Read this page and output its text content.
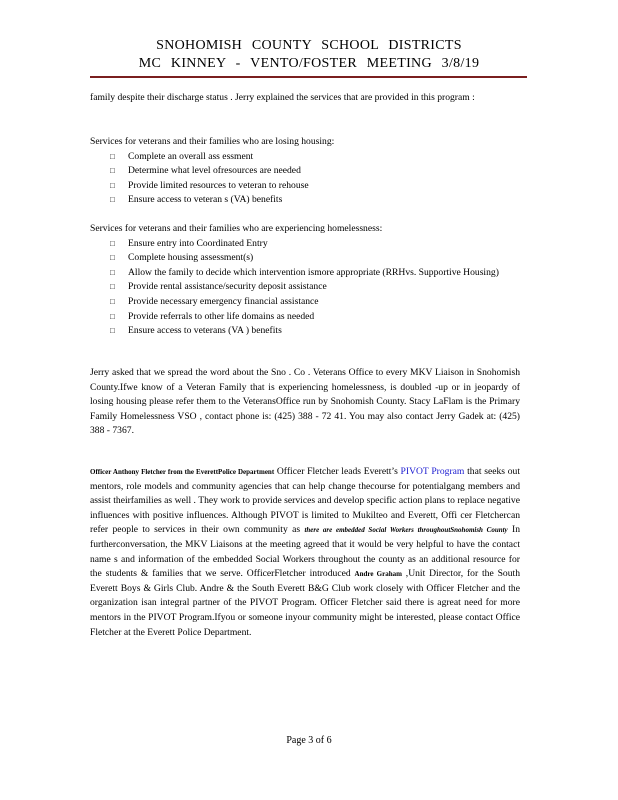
SNOHOMISH COUNTY SCHOOL DISTRICTS
MC KINNEY - VENTO/FOSTER MEETING 3/8/19
family despite their discharge status . Jerry explained the services that are provided in this program :
Services for veterans and their families who are losing housing:
□ Complete an overall ass essment
□ Determine what level ofresources are needed
□ Provide limited resources to veteran to rehouse
□ Ensure access to veteran s (VA) benefits
Services for veterans and their families who are experiencing homelessness:
□ Ensure entry into Coordinated Entry
□ Complete housing assessment(s)
□ Allow the family to decide which intervention ismore appropriate (RRHvs. Supportive Housing)
□ Provide rental assistance/security deposit assistance
□ Provide necessary emergency financial assistance
□ Provide referrals to other life domains as needed
□ Ensure access to veterans (VA ) benefits
Jerry asked that we spread the word about the Sno . Co . Veterans Office to every MKV Liaison in Snohomish County.Ifwe know of a Veteran Family that is experiencing homelessness, is doubled -up or in jeopardy of losing housing please refer them to the VeteransOffice run by Snohomish County. Stacy LaFlam is the Primary Family Homelessness VSO , contact phone is: (425) 388 - 72 41. You may also contact Jerry Gadek at: (425) 388 - 7367.
Officer Anthony Fletcher from the EverettPolice Department Officer Fletcher leads Everett’s PIVOT Program that seeks out mentors, role models and community agencies that can help change thecourse for potentialgang members and assist theirfamilies as well . They work to provide services and develop specific action plans to replace negative influences with positive influences. Although PIVOT is limited to Mukilteo and Everett, Offi cer Fletchercan refer people to services in their own community as there are embedded Social Workers throughoutSnohomish County In furtherconversation, the MKV Liaisons at the meeting agreed that it would be very helpful to have the contact name s and information of the embedded Social Workers throughout the county as an additional resource for the students & families that we serve. OfficerFletcher introduced Andre Graham ,Unit Director, for the South Everett Boys & Girls Club. Andre & the South Everett B&G Club work closely with Officer Fletcher and the organization isan integral partner of the PIVOT Program. Officer Fletcher said there is agreat need for more mentors in the PIVOT Program.Ifyou or someone inyour community might be interested, please contact Office Fletcher at the Everett Police Department.
Page 3 of 6
